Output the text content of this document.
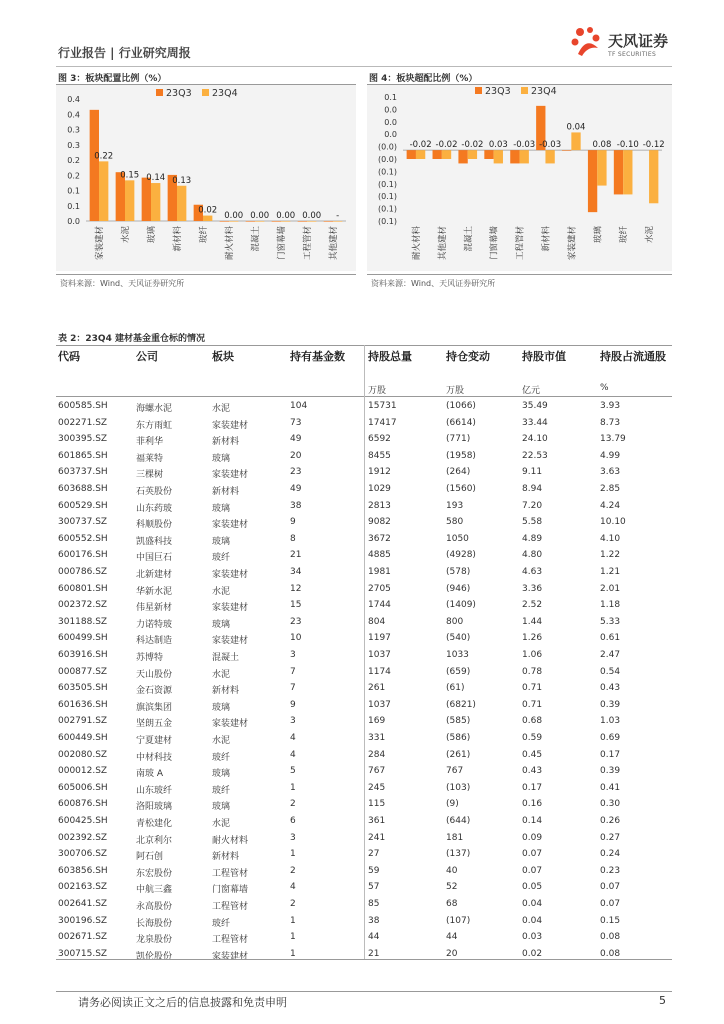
行业报告 | 行业研究周报
天风证券
TF SECURITIES
图 3：板块配置比例（%）
0.4
0.4
0.3
0.3
0.2
0.2
0.1
0.1
0.0
23Q3 23Q4
0.22
家装建材
0.15
水泥
0.14
玻璃
0.13
新材料
0.02
玻纤
0.00
耐火材料
0.00
混凝土
0.00
门窗幕墙
0.00
工程管材
-
其他建材
资料来源：Wind、天风证券研究所
图 4：板块超配比例（%）
0.1
0.0
0.0
0.0
(0.0)
(0.0)
(0.1)
(0.1)
(0.1)
(0.1)
(0.1)
23Q3 23Q4
-0.02
耐火材料
-0.02
其他建材
-0.02
混凝土
0.03
门窗幕墙
-0.03
工程管材
-0.03
新材料
0.04
家装建材
0.08
玻璃
-0.10
玻纤
-0.12
水泥
资料来源：Wind、天风证券研究所
表 2：23Q4 建材基金重仓标的情况
代码	公司	板块	持有基金数 持股总量	持仓变动	持股市值	持股占流通股
万股	万股	亿元	%
600585.SH	海螺水泥	水泥	104	15731	(1066)	35.49	3.93
002271.SZ	东方雨虹	家装建材	73	17417	(6614)	33.44	8.73
300395.SZ	菲利华	新材料	49	6592	(771)	24.10	13.79
601865.SH	福莱特	玻璃	20	8455	(1958)	22.53	4.99
603737.SH	三棵树	家装建材	23	1912	(264)	9.11	3.63
603688.SH	石英股份	新材料	49	1029	(1560)	8.94	2.85
600529.SH	山东药玻	玻璃	38	2813	193	7.20	4.24
300737.SZ	科顺股份	家装建材	9	9082	580	5.58	10.10
600552.SH	凯盛科技	玻璃	8	3672	1050	4.89	4.10
600176.SH	中国巨石	玻纤	21	4885	(4928)	4.80	1.22
000786.SZ	北新建材	家装建材	34	1981	(578)	4.63	1.21
600801.SH	华新水泥	水泥	12	2705	(946)	3.36	2.01
002372.SZ	伟星新材	家装建材	15	1744	(1409)	2.52	1.18
301188.SZ	力诺特玻	玻璃	23	804	800	1.44	5.33
600499.SH	科达制造	家装建材	10	1197	(540)	1.26	0.61
603916.SH	苏博特	混凝土	3	1037	1033	1.06	2.47
000877.SZ	天山股份	水泥	7	1174	(659)	0.78	0.54
603505.SH	金石资源	新材料	7	261	(61)	0.71	0.43
601636.SH	旗滨集团	玻璃	9	1037	(6821)	0.71	0.39
002791.SZ	坚朗五金	家装建材	3	169	(585)	0.68	1.03
600449.SH	宁夏建材	水泥	4	331	(586)	0.59	0.69
002080.SZ	中材科技	玻纤	4	284	(261)	0.45	0.17
000012.SZ	南玻 A	玻璃	5	767	767	0.43	0.39
605006.SH	山东玻纤	玻纤	1	245	(103)	0.17	0.41
600876.SH	洛阳玻璃	玻璃	2	115	(9)	0.16	0.30
600425.SH	青松建化	水泥	6	361	(644)	0.14	0.26
002392.SZ	北京利尔	耐火材料	3	241	181	0.09	0.27
300706.SZ	阿石创	新材料	1	27	(137)	0.07	0.24
603856.SH	东宏股份	工程管材	2	59	40	0.07	0.23
002163.SZ	中航三鑫	门窗幕墙	4	57	52	0.05	0.07
002641.SZ	永高股份	工程管材	2	85	68	0.04	0.07
300196.SZ	长海股份	玻纤	1	38	(107)	0.04	0.15
002671.SZ	龙泉股份	工程管材	1	44	44	0.03	0.08
300715.SZ	凯伦股份	家装建材	1	21	20	0.02	0.08
请务必阅读正文之后的信息披露和免责申明	5
